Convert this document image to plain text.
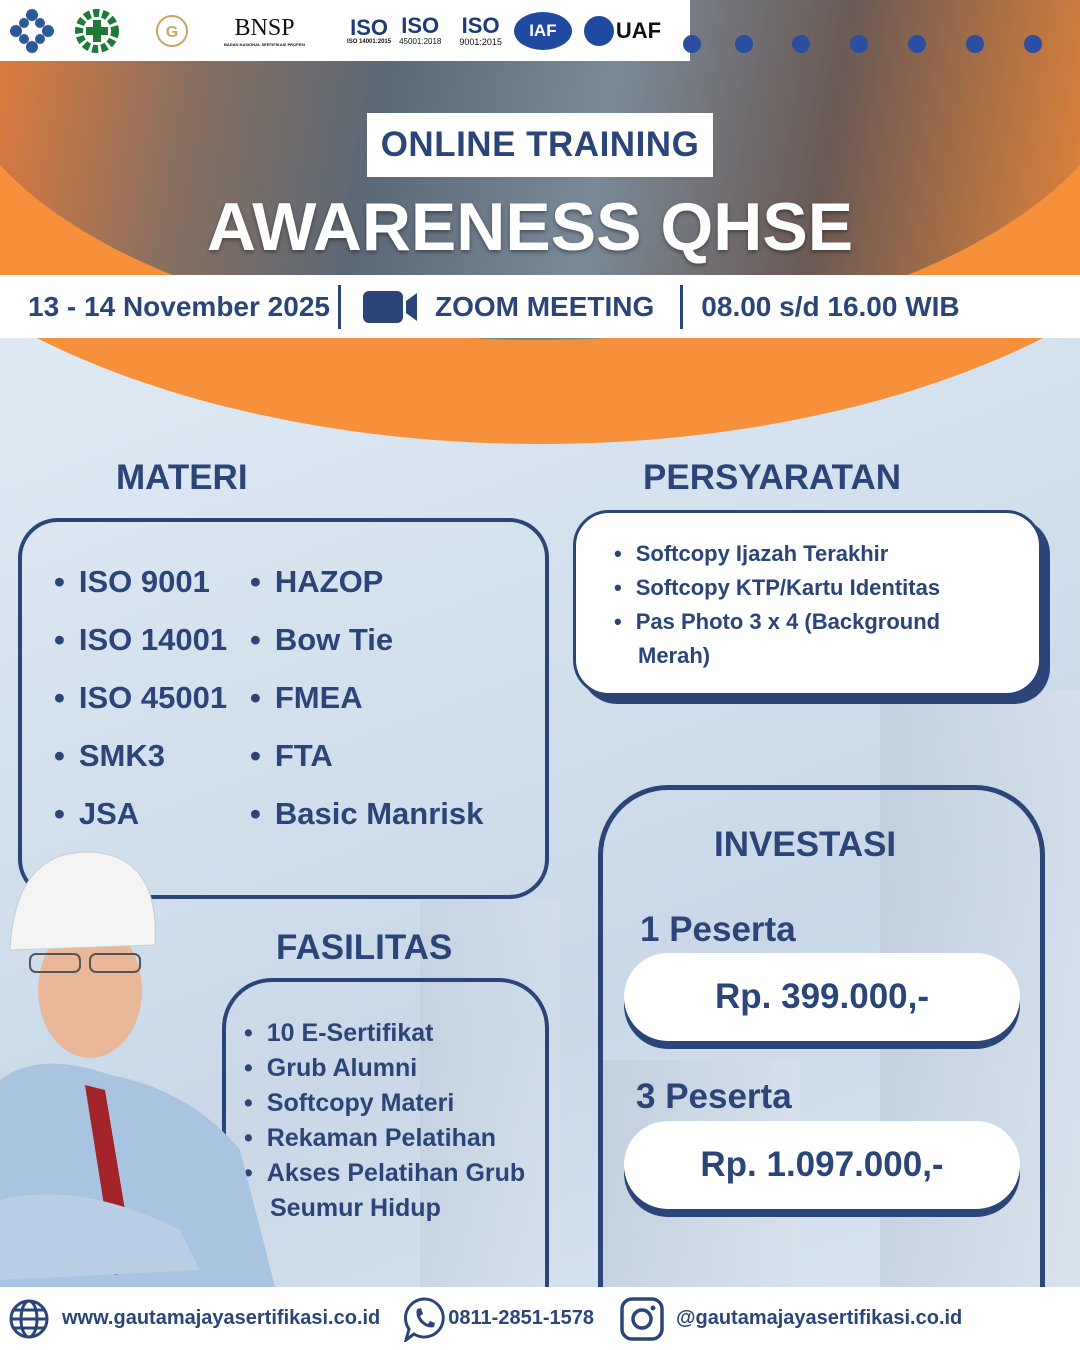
G BNSP
BADAN NASIONAL SERTIFIKASI PROFESI
ISO
ISO 14001:2015
ISO
45001:2018
ISO
9001:2015
IAF	UAF
ONLINE TRAINING
AWARENESS QHSE
13 - 14 November 2025	ZOOM MEETING 08.00 s/d 16.00 WIB
MATERI
• ISO 9001
• ISO 14001
• ISO 45001
• SMK3
• JSA
• HAZOP
• Bow Tie
• FMEA
• FTA
• Basic Manrisk
PERSYARATAN
• Softcopy Ijazah Terakhir
• Softcopy KTP/Kartu Identitas
• Pas Photo 3 x 4 (Background Merah)
INVESTASI
1 Peserta
Rp. 399.000,-
3 Peserta
Rp. 1.097.000,-
FASILITAS
• 10 E-Sertifikat
• Grub Alumni
• Softcopy Materi
• Rekaman Pelatihan
• Akses Pelatihan Grub Seumur Hidup
www.gautamajayasertifikasi.co.id	0811-2851-1578	@gautamajayasertifikasi.co.id
